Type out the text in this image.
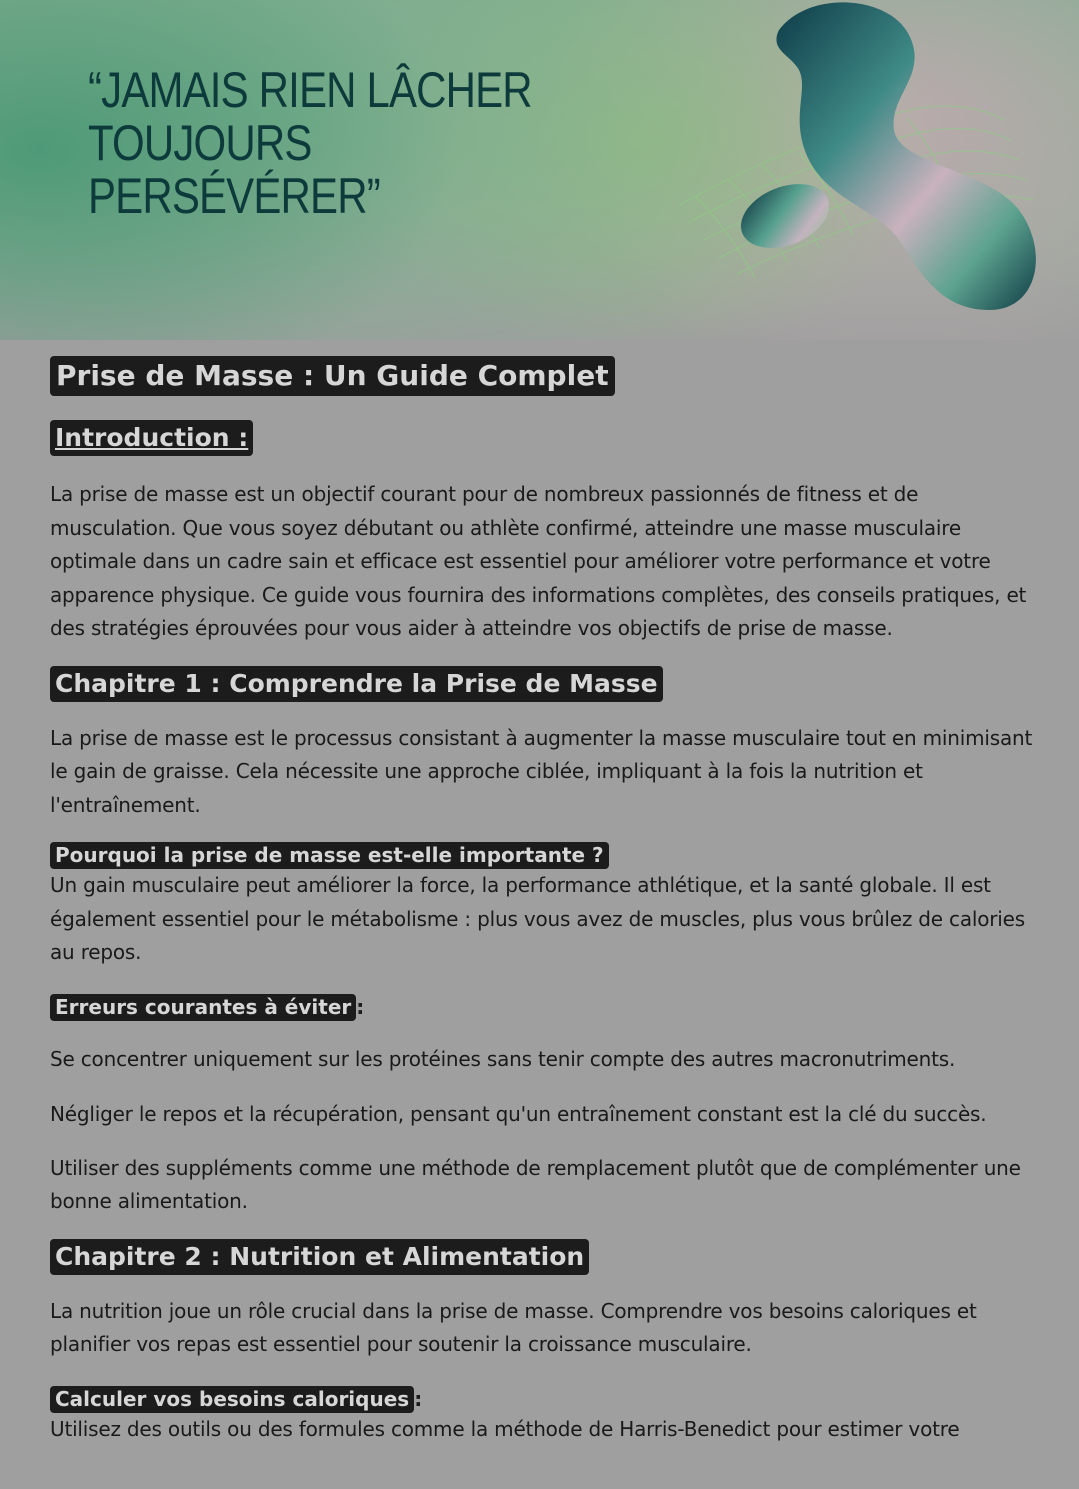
“JAMAIS RIEN LÂCHER
TOUJOURS
PERSÉVÉRER”
Prise de Masse : Un Guide Complet
Introduction :

La prise de masse est un objectif courant pour de nombreux passionnés de fitness et de musculation. Que vous soyez débutant ou athlète confirmé, atteindre une masse musculaire optimale dans un cadre sain et efficace est essentiel pour améliorer votre performance et votre apparence physique. Ce guide vous fournira des informations complètes, des conseils pratiques, et des stratégies éprouvées pour vous aider à atteindre vos objectifs de prise de masse.

Chapitre 1 : Comprendre la Prise de Masse

La prise de masse est le processus consistant à augmenter la masse musculaire tout en minimisant le gain de graisse. Cela nécessite une approche ciblée, impliquant à la fois la nutrition et l'entraînement.

Pourquoi la prise de masse est-elle importante ?

Un gain musculaire peut améliorer la force, la performance athlétique, et la santé globale. Il est également essentiel pour le métabolisme : plus vous avez de muscles, plus vous brûlez de calories au repos.

Erreurs courantes à éviter :

Se concentrer uniquement sur les protéines sans tenir compte des autres macronutriments.

Négliger le repos et la récupération, pensant qu'un entraînement constant est la clé du succès.

Utiliser des suppléments comme une méthode de remplacement plutôt que de complémenter une bonne alimentation.

Chapitre 2 : Nutrition et Alimentation

La nutrition joue un rôle crucial dans la prise de masse. Comprendre vos besoins caloriques et planifier vos repas est essentiel pour soutenir la croissance musculaire.

Calculer vos besoins caloriques :

Utilisez des outils ou des formules comme la méthode de Harris-Benedict pour estimer votre
